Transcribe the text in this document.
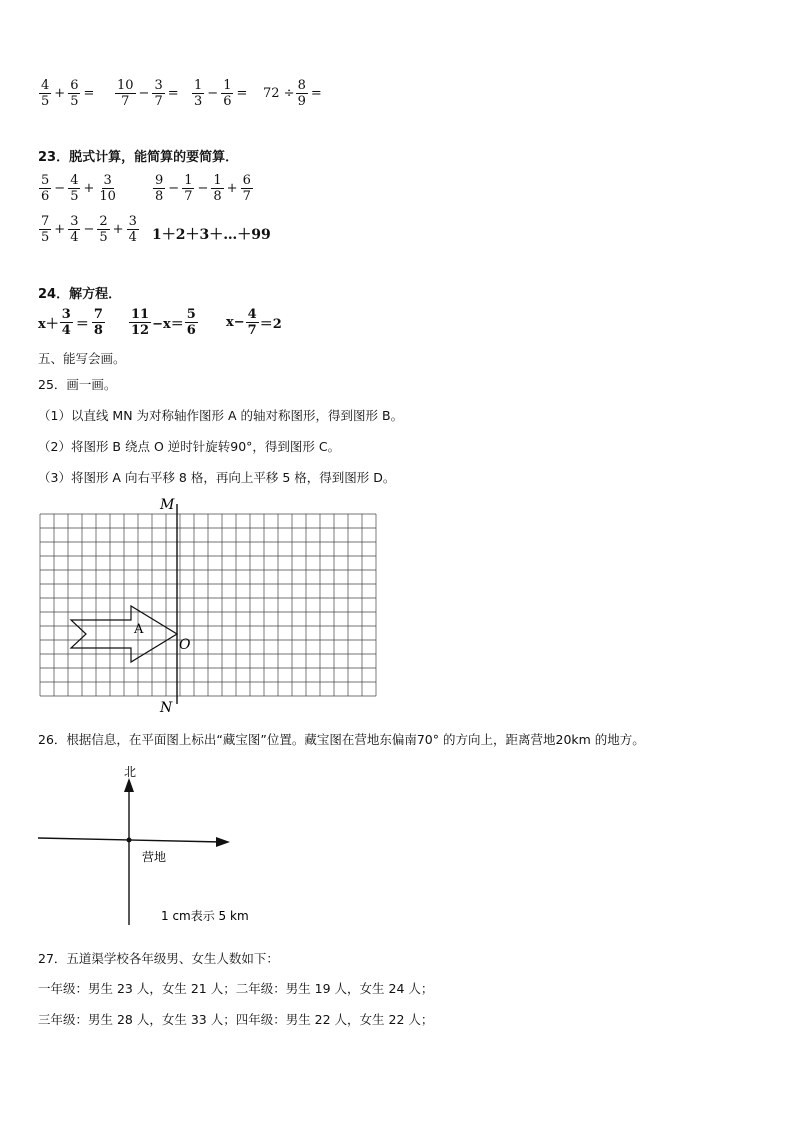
$\frac{4}{5} + \frac{6}{5} = \frac{10}{7} - \frac{3}{7} = \frac{1}{3} - \frac{1}{6} = 72 \div \frac{8}{9}$ =
23．脱式计算，能简算的要简算．
$\frac{5}{6} - \frac{4}{5} + \frac{3}{10}$	$\frac{9}{8} - \frac{1}{7} - \frac{1}{8} + \frac{6}{7}$
$\frac{7}{5} + \frac{3}{4} - \frac{2}{5} + \frac{3}{4}$ 1＋2＋3＋…＋99
24．解方程．
$x+ \frac{3}{4} = \frac{7}{8} \frac{11}{12} -x= \frac{5}{6} x- \frac{4}{7} =2$
五、能写会画。
25．画一画。
（1）以直线 MN 为对称轴作图形 A 的轴对称图形，得到图形 B。
（2）将图形 B 绕点 O 逆时针旋转90°，得到图形 C。
（3）将图形 A 向右平移 8 格，再向上平移 5 格，得到图形 D。
M
N
O
A
26．根据信息，在平面图上标出“藏宝图”位置。藏宝图在营地东偏南70° 的方向上，距离营地20km 的地方。
北
营地
1 cm表示 5 km
27．五道渠学校各年级男、女生人数如下：
一年级：男生 23 人，女生 21 人；二年级：男生 19 人，女生 24 人；
三年级：男生 28 人，女生 33 人；四年级：男生 22 人，女生 22 人；
